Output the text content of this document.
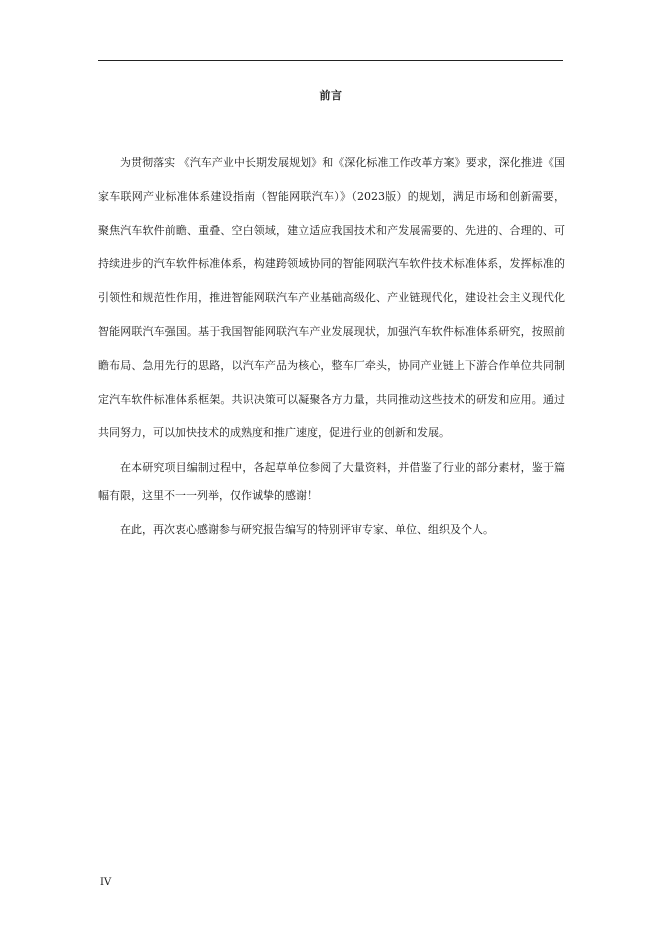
前言

为贯彻落实 《汽车产业中长期发展规划》和《深化标准工作改革方案》要求，深化推进《国家车联网产业标准体系建设指南（智能网联汽车）》（2023版）的规划，满足市场和创新需要，聚焦汽车软件前瞻、重叠、空白领域，建立适应我国技术和产发展需要的、先进的、合理的、可持续进步的汽车软件标准体系，构建跨领域协同的智能网联汽车软件技术标准体系，发挥标准的引领性和规范性作用，推进智能网联汽车产业基础高级化、产业链现代化，建设社会主义现代化智能网联汽车强国。基于我国智能网联汽车产业发展现状，加强汽车软件标准体系研究，按照前瞻布局、急用先行的思路，以汽车产品为核心，整车厂牵头，协同产业链上下游合作单位共同制定汽车软件标准体系框架。共识决策可以凝聚各方力量，共同推动这些技术的研发和应用。通过共同努力，可以加快技术的成熟度和推广速度，促进行业的创新和发展。

在本研究项目编制过程中，各起草单位参阅了大量资料，并借鉴了行业的部分素材，鉴于篇幅有限，这里不一一列举，仅作诚挚的感谢！

在此，再次衷心感谢参与研究报告编写的特别评审专家、单位、组织及个人。

IV
